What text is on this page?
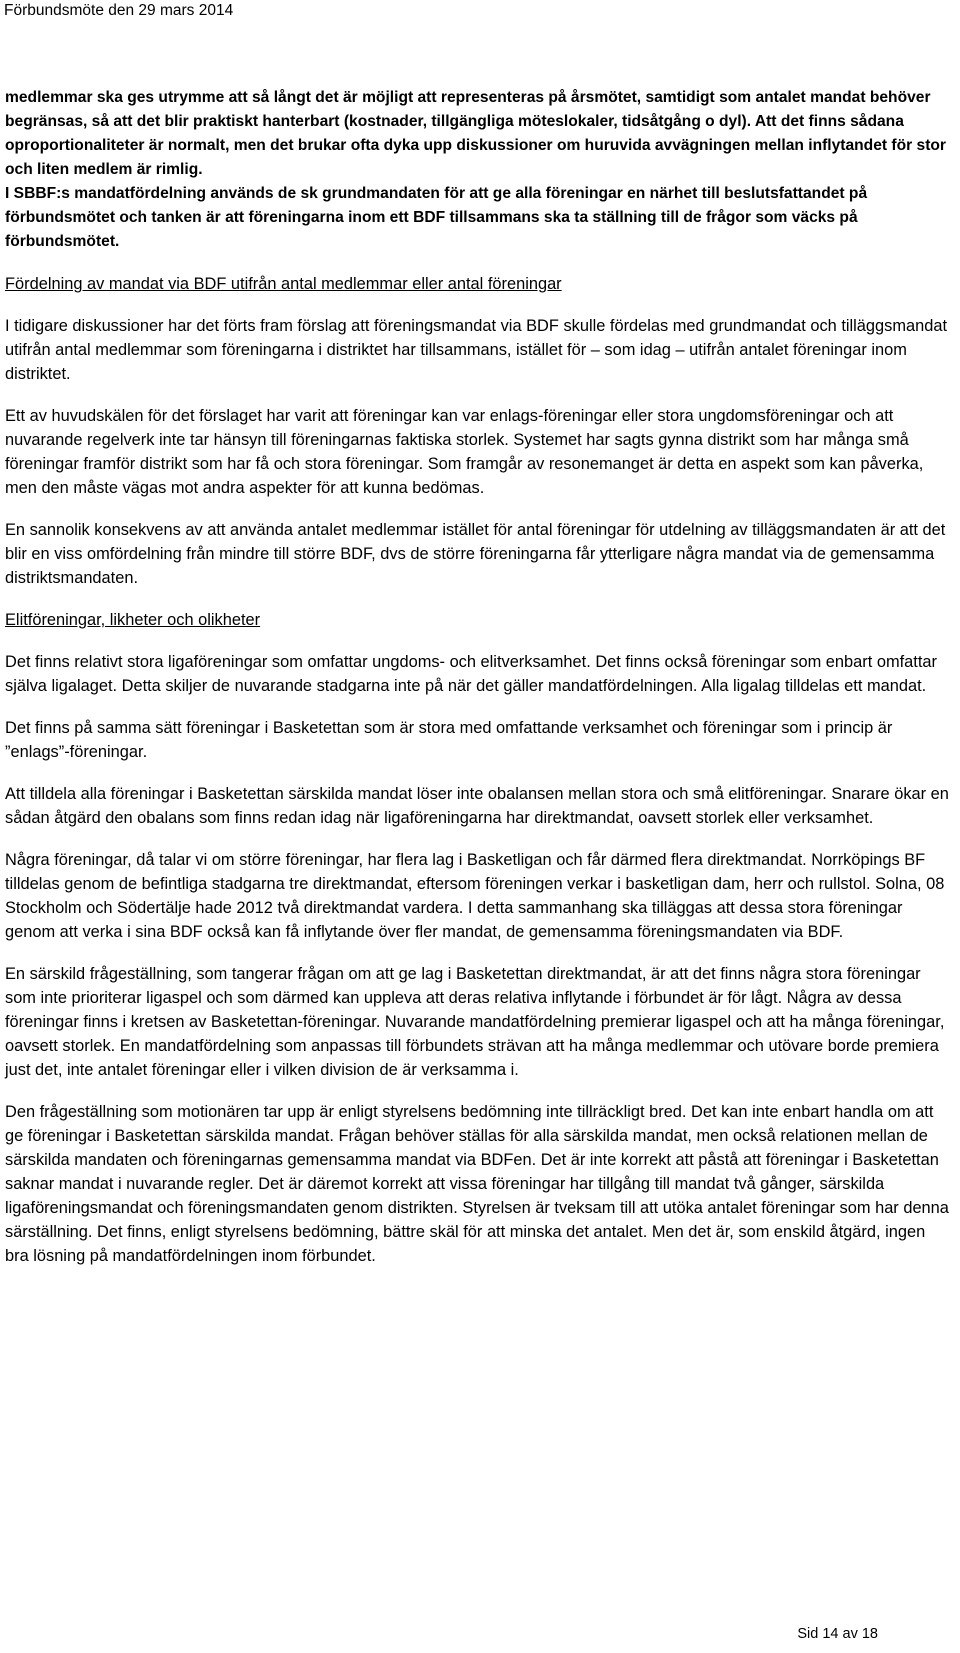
Förbundsmöte den 29 mars 2014

medlemmar ska ges utrymme att så långt det är möjligt att representeras på årsmötet, samtidigt som antalet mandat behöver begränsas, så att det blir praktiskt hanterbart (kostnader, tillgängliga möteslokaler, tidsåtgång o dyl). Att det finns sådana oproportionaliteter är normalt, men det brukar ofta dyka upp diskussioner om huruvida avvägningen mellan inflytandet för stor och liten medlem är rimlig.
I SBBF:s mandatfördelning används de sk grundmandaten för att ge alla föreningar en närhet till beslutsfattandet på förbundsmötet och tanken är att föreningarna inom ett BDF tillsammans ska ta ställning till de frågor som väcks på förbundsmötet.

Fördelning av mandat via BDF utifrån antal medlemmar eller antal föreningar

I tidigare diskussioner har det förts fram förslag att föreningsmandat via BDF skulle fördelas med grundmandat och tilläggsmandat utifrån antal medlemmar som föreningarna i distriktet har tillsammans, istället för – som idag – utifrån antalet föreningar inom distriktet.

Ett av huvudskälen för det förslaget har varit att föreningar kan var enlags-föreningar eller stora ungdomsföreningar och att nuvarande regelverk inte tar hänsyn till föreningarnas faktiska storlek. Systemet har sagts gynna distrikt som har många små föreningar framför distrikt som har få och stora föreningar. Som framgår av resonemanget är detta en aspekt som kan påverka, men den måste vägas mot andra aspekter för att kunna bedömas.

En sannolik konsekvens av att använda antalet medlemmar istället för antal föreningar för utdelning av tilläggsmandaten är att det blir en viss omfördelning från mindre till större BDF, dvs de större föreningarna får ytterligare några mandat via de gemensamma distriktsmandaten.

Elitföreningar, likheter och olikheter

Det finns relativt stora ligaföreningar som omfattar ungdoms- och elitverksamhet. Det finns också föreningar som enbart omfattar själva ligalaget. Detta skiljer de nuvarande stadgarna inte på när det gäller mandatfördelningen. Alla ligalag tilldelas ett mandat.

Det finns på samma sätt föreningar i Basketettan som är stora med omfattande verksamhet och föreningar som i princip är ”enlags”-föreningar.

Att tilldela alla föreningar i Basketettan särskilda mandat löser inte obalansen mellan stora och små elitföreningar. Snarare ökar en sådan åtgärd den obalans som finns redan idag när ligaföreningarna har direktmandat, oavsett storlek eller verksamhet.

Några föreningar, då talar vi om större föreningar, har flera lag i Basketligan och får därmed flera direktmandat. Norrköpings BF tilldelas genom de befintliga stadgarna tre direktmandat, eftersom föreningen verkar i basketligan dam, herr och rullstol. Solna, 08 Stockholm och Södertälje hade 2012 två direktmandat vardera. I detta sammanhang ska tilläggas att dessa stora föreningar genom att verka i sina BDF också kan få inflytande över fler mandat, de gemensamma föreningsmandaten via BDF.

En särskild frågeställning, som tangerar frågan om att ge lag i Basketettan direktmandat, är att det finns några stora föreningar som inte prioriterar ligaspel och som därmed kan uppleva att deras relativa inflytande i förbundet är för lågt. Några av dessa föreningar finns i kretsen av Basketettan-föreningar. Nuvarande mandatfördelning premierar ligaspel och att ha många föreningar, oavsett storlek. En mandatfördelning som anpassas till förbundets strävan att ha många medlemmar och utövare borde premiera just det, inte antalet föreningar eller i vilken division de är verksamma i.

Den frågeställning som motionären tar upp är enligt styrelsens bedömning inte tillräckligt bred. Det kan inte enbart handla om att ge föreningar i Basketettan särskilda mandat. Frågan behöver ställas för alla särskilda mandat, men också relationen mellan de särskilda mandaten och föreningarnas gemensamma mandat via BDFen. Det är inte korrekt att påstå att föreningar i Basketettan saknar mandat i nuvarande regler. Det är däremot korrekt att vissa föreningar har tillgång till mandat två gånger, särskilda ligaföreningsmandat och föreningsmandaten genom distrikten. Styrelsen är tveksam till att utöka antalet föreningar som har denna särställning. Det finns, enligt styrelsens bedömning, bättre skäl för att minska det antalet. Men det är, som enskild åtgärd, ingen bra lösning på mandatfördelningen inom förbundet.

Sid 14 av 18
